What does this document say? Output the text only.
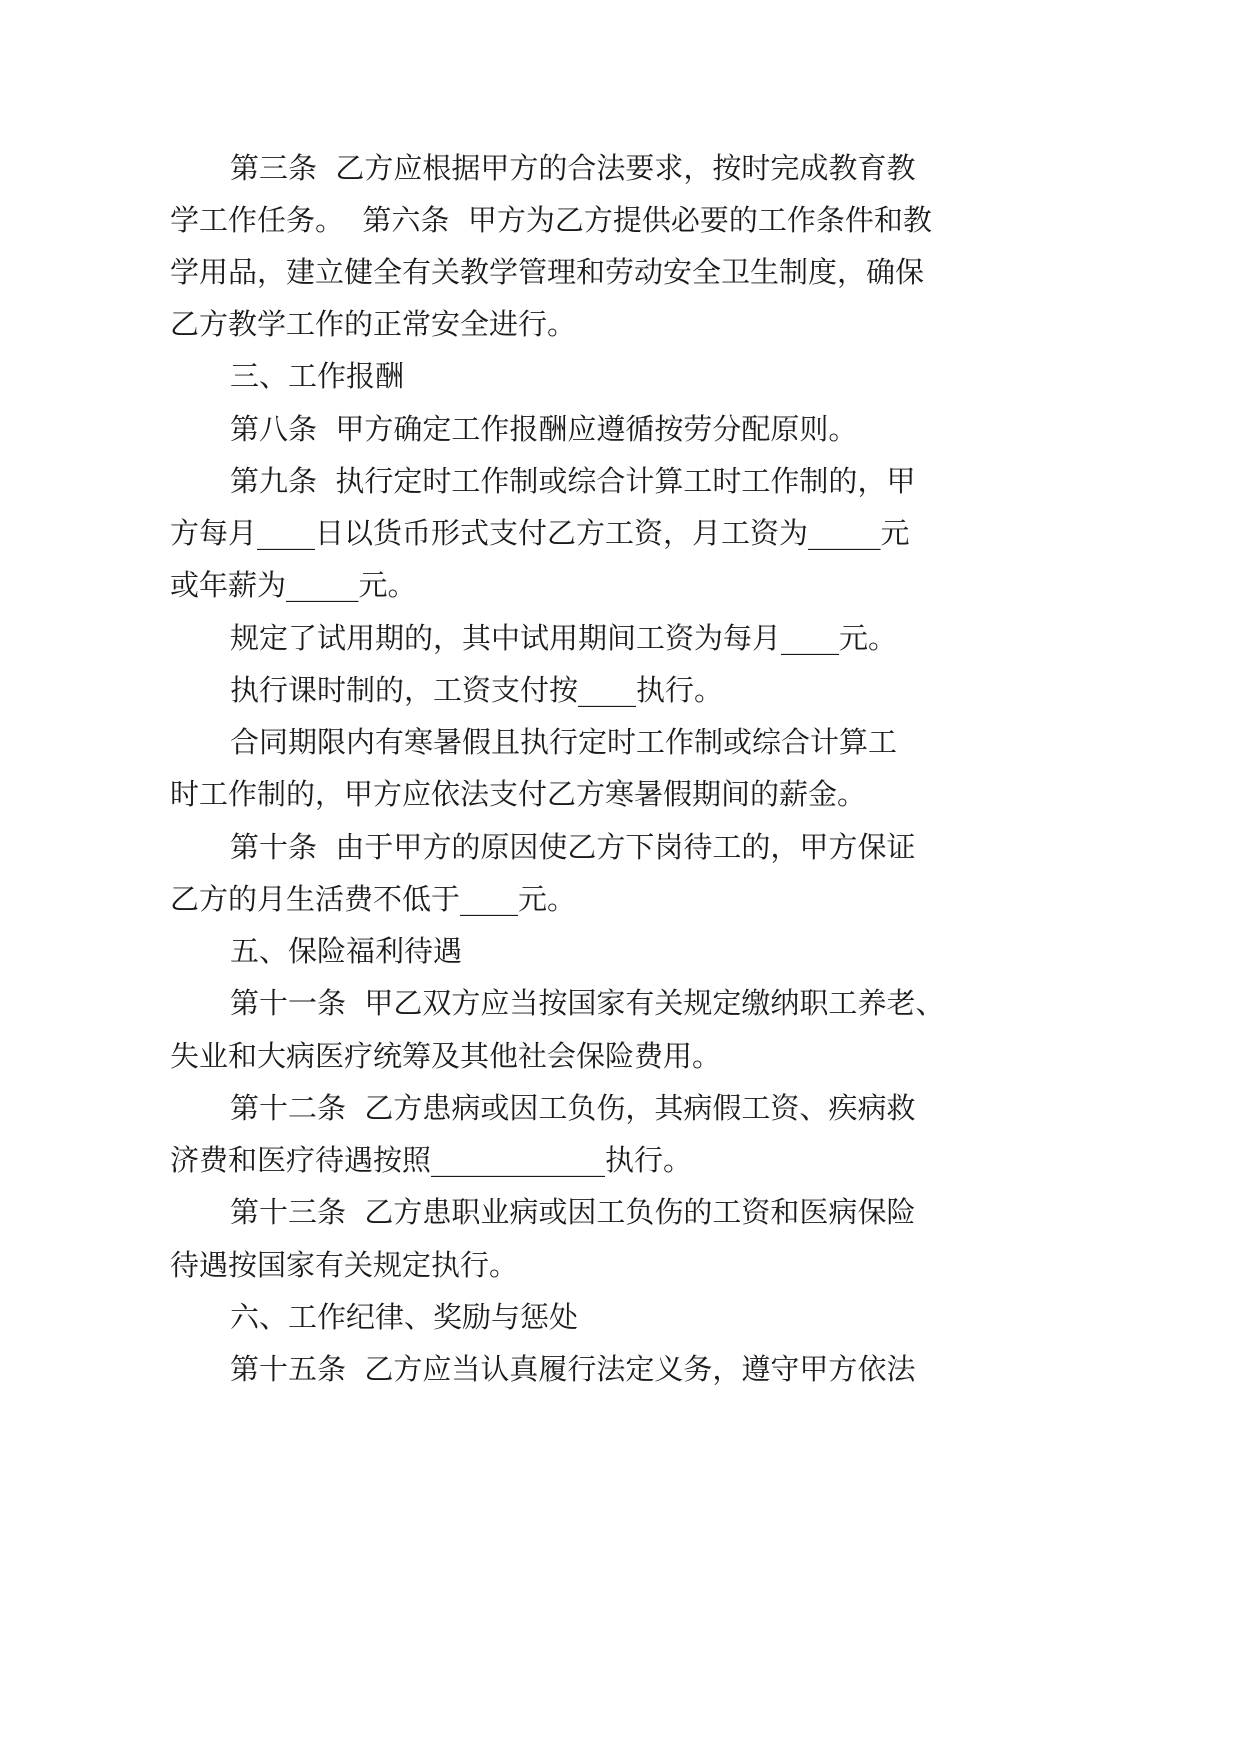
第三条  乙方应根据甲方的合法要求，按时完成教育教

学工作任务。  第六条  甲方为乙方提供必要的工作条件和教

学用品，建立健全有关教学管理和劳动安全卫生制度，确保

乙方教学工作的正常安全进行。

三、工作报酬

第八条  甲方确定工作报酬应遵循按劳分配原则。

第九条  执行定时工作制或综合计算工时工作制的，甲

方每月____日以货币形式支付乙方工资，月工资为_____元

或年薪为_____元。

规定了试用期的，其中试用期间工资为每月____元。

执行课时制的，工资支付按____执行。

合同期限内有寒暑假且执行定时工作制或综合计算工

时工作制的，甲方应依法支付乙方寒暑假期间的薪金。

第十条  由于甲方的原因使乙方下岗待工的，甲方保证

乙方的月生活费不低于____元。

五、保险福利待遇

第十一条  甲乙双方应当按国家有关规定缴纳职工养老、

失业和大病医疗统筹及其他社会保险费用。

第十二条  乙方患病或因工负伤，其病假工资、疾病救

济费和医疗待遇按照____________执行。

第十三条  乙方患职业病或因工负伤的工资和医病保险

待遇按国家有关规定执行。

六、工作纪律、奖励与惩处

第十五条  乙方应当认真履行法定义务，遵守甲方依法
